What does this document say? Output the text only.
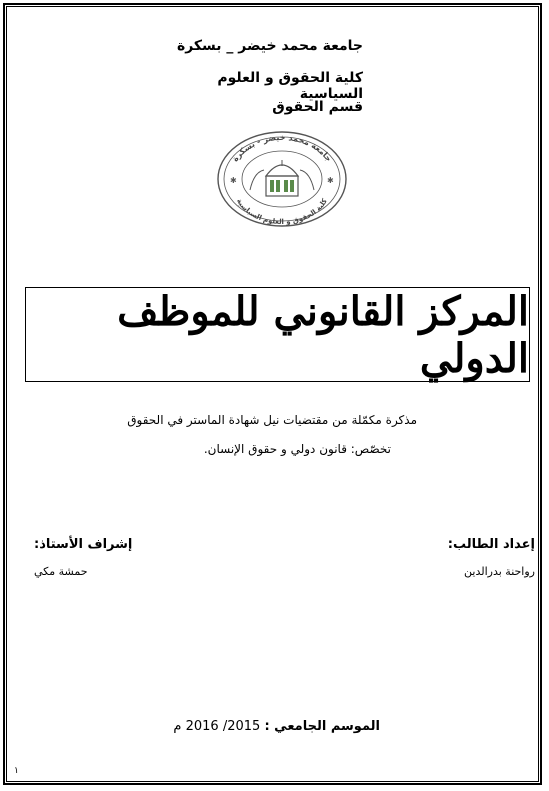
جامعة محمد خيضر _ بسكرة
كلية الحقوق و العلوم السياسية
قسم الحقوق
جامعة محمد خيضر - بسكرة
كلية الحقوق و العلوم السياسية
✱	✱
المركز القانوني للموظف الدولي
مذكرة مكمّلة من مقتضيات نيل شهادة الماستر في الحقوق
تخصّص: قانون دولي و حقوق الإنسان.
إعداد الطالب:
إشراف الأستاذ:
رواحنة بدرالدين
حمشة مكي
الموسم الجامعي : 2015/ 2016 م
١
